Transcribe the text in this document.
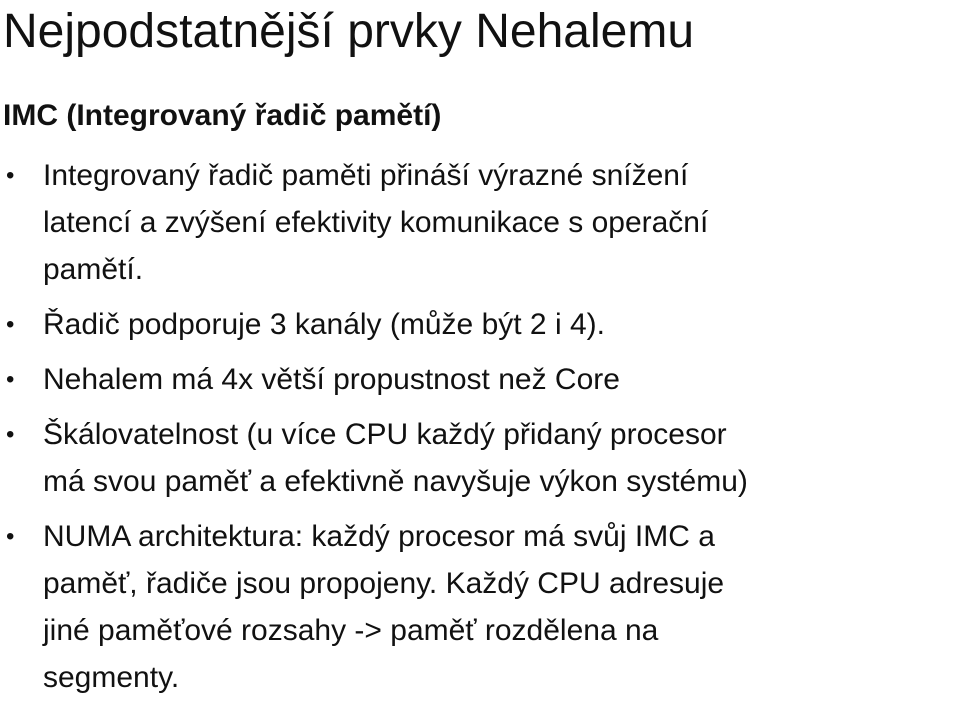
Nejpodstatnější prvky Nehalemu
IMC (Integrovaný řadič pamětí)
• Integrovaný řadič paměti přináší výrazné snížení
latencí a zvýšení efektivity komunikace s operační
pamětí.
• Řadič podporuje 3 kanály (může být 2 i 4).
• Nehalem má 4x větší propustnost než Core
• Škálovatelnost (u více CPU každý přidaný procesor
má svou paměť a efektivně navyšuje výkon systému)
• NUMA architektura: každý procesor má svůj IMC a
paměť, řadiče jsou propojeny. Každý CPU adresuje
jiné paměťové rozsahy -> paměť rozdělena na
segmenty.
